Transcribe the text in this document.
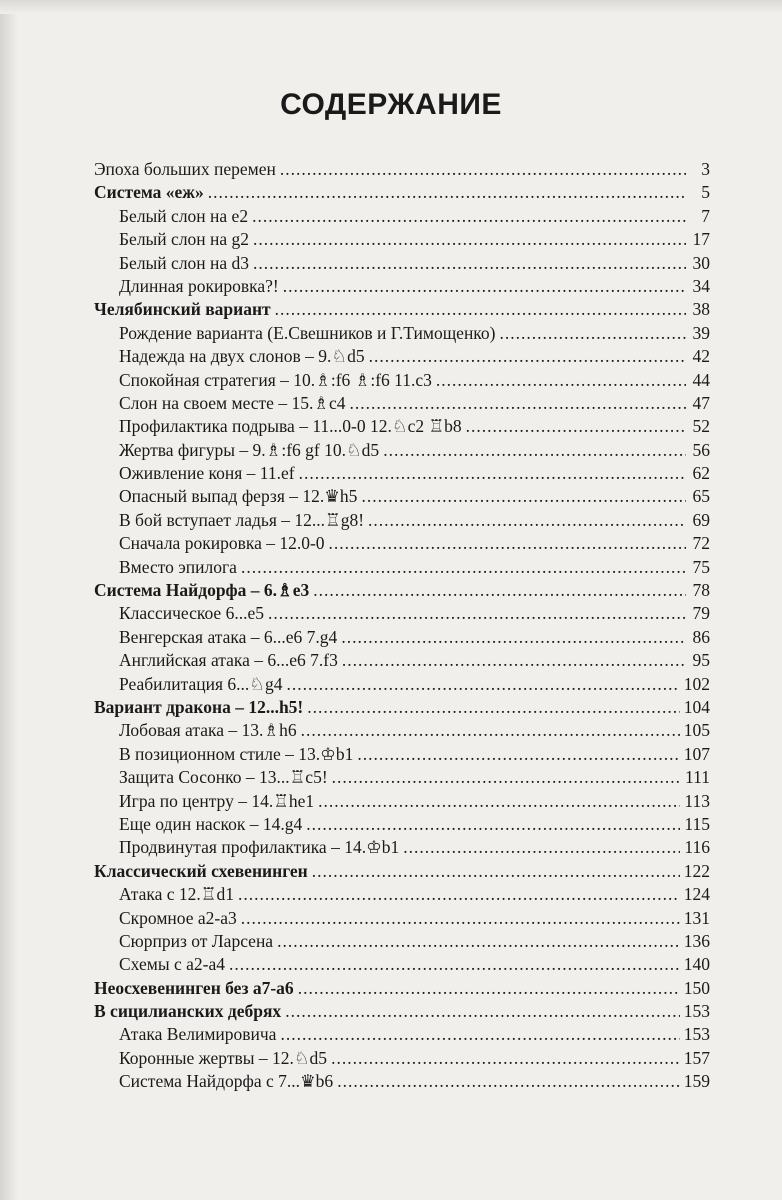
СОДЕРЖАНИЕ
Эпоха больших перемен .....	3
Система «еж» .....	5
Белый слон на e2 .....	7
Белый слон на g2 .....	17
Белый слон на d3 .....	30
Длинная рокировка?! .....	34
Челябинский вариант .....	38
Рождение варианта (Е.Свешников и Г.Тимощенко) .....	39
Надежда на двух слонов – 9.♘d5 .....	42
Спокойная стратегия – 10.♗:f6 ♗:f6 11.c3 .....	44
Слон на своем месте – 15.♗c4 .....	47
Профилактика подрыва – 11...0-0 12.♘c2 ♖b8 .....	52
Жертва фигуры – 9.♗:f6 gf 10.♘d5 .....	56
Оживление коня – 11.ef .....	62
Опасный выпад ферзя – 12.♛h5 .....	65
В бой вступает ладья – 12...♖g8! .....	69
Сначала рокировка – 12.0-0 .....	72
Вместо эпилога .....	75
Система Найдорфа – 6.♗e3 .....	78
Классическое 6...e5 .....	79
Венгерская атака – 6...e6 7.g4 .....	86
Английская атака – 6...e6 7.f3 .....	95
Реабилитация 6...♘g4 .....	102
Вариант дракона – 12...h5! .....	104
Лобовая атака – 13.♗h6 .....	105
В позиционном стиле – 13.♔b1 .....	107
Защита Сосонко – 13...♖c5! .....	111
Игра по центру – 14.♖he1 .....	113
Еще один наскок – 14.g4 .....	115
Продвинутая профилактика – 14.♔b1 .....	116
Классический схевенинген .....	122
Атака с 12.♖d1 .....	124
Скромное a2-a3 .....	131
Сюрприз от Ларсена .....	136
Схемы с a2-a4 .....	140
Неосхевенинген без a7-a6 .....	150
В сицилианских дебрях .....	153
Атака Велимировича .....	153
Коронные жертвы – 12.♘d5 .....	157
Система Найдорфа с 7...♛b6 .....	159
